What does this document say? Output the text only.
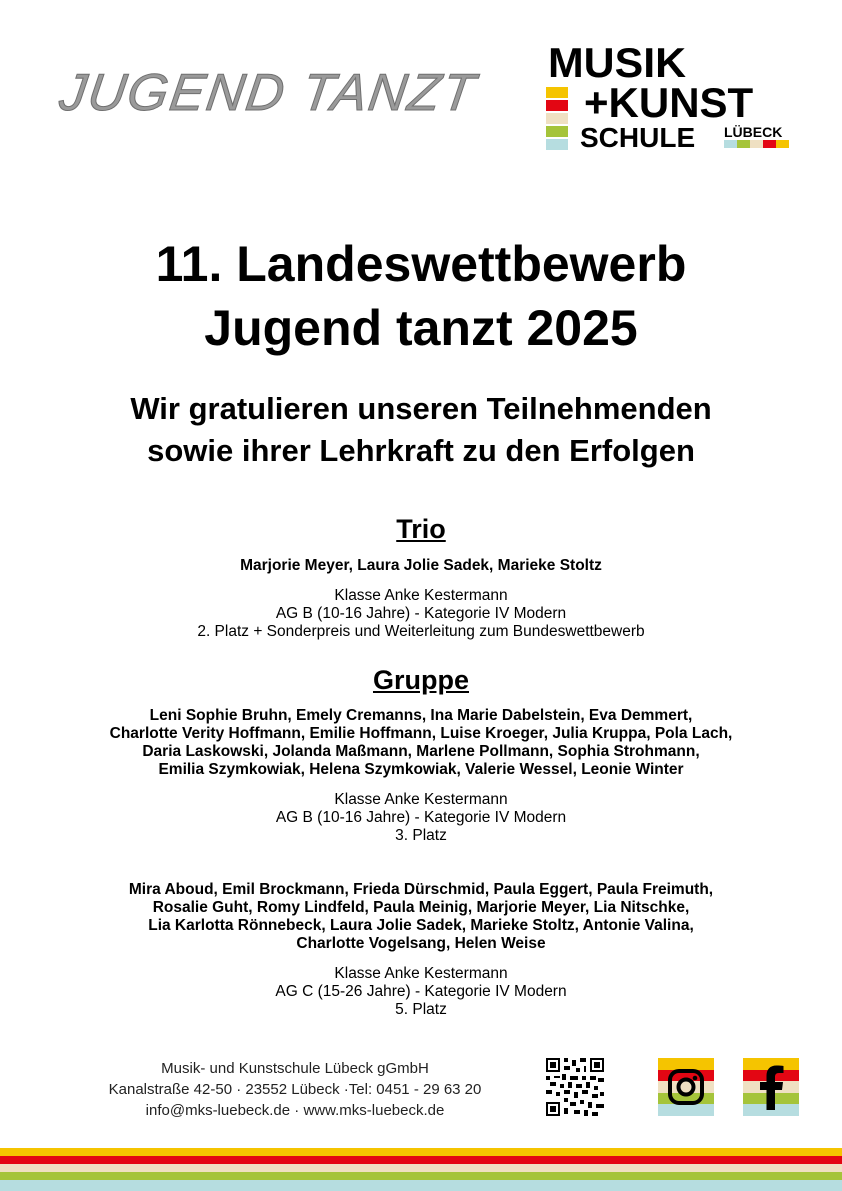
JUGEND TANZT
MUSIK
+KUNST
SCHULE LÜBECK
11. Landeswettbewerb
Jugend tanzt 2025
Wir gratulieren unseren Teilnehmenden
sowie ihrer Lehrkraft zu den Erfolgen
Trio
Marjorie Meyer, Laura Jolie Sadek, Marieke Stoltz
Klasse Anke Kestermann
AG B (10-16 Jahre) - Kategorie IV Modern
2. Platz + Sonderpreis und Weiterleitung zum Bundeswettbewerb
Gruppe
Leni Sophie Bruhn, Emely Cremanns, Ina Marie Dabelstein, Eva Demmert,
Charlotte Verity Hoffmann, Emilie Hoffmann, Luise Kroeger, Julia Kruppa, Pola Lach,
Daria Laskowski, Jolanda Maßmann, Marlene Pollmann, Sophia Strohmann,
Emilia Szymkowiak, Helena Szymkowiak, Valerie Wessel, Leonie Winter
Klasse Anke Kestermann
AG B (10-16 Jahre) - Kategorie IV Modern
3. Platz
Mira Aboud, Emil Brockmann, Frieda Dürschmid, Paula Eggert, Paula Freimuth,
Rosalie Guht, Romy Lindfeld, Paula Meinig, Marjorie Meyer, Lia Nitschke,
Lia Karlotta Rönnebeck, Laura Jolie Sadek, Marieke Stoltz, Antonie Valina,
Charlotte Vogelsang, Helen Weise
Klasse Anke Kestermann
AG C (15-26 Jahre) - Kategorie IV Modern
5. Platz
Musik- und Kunstschule Lübeck gGmbH
Kanalstraße 42-50 · 23552 Lübeck ·Tel: 0451 - 29 63 20
info@mks-luebeck.de · www.mks-luebeck.de
